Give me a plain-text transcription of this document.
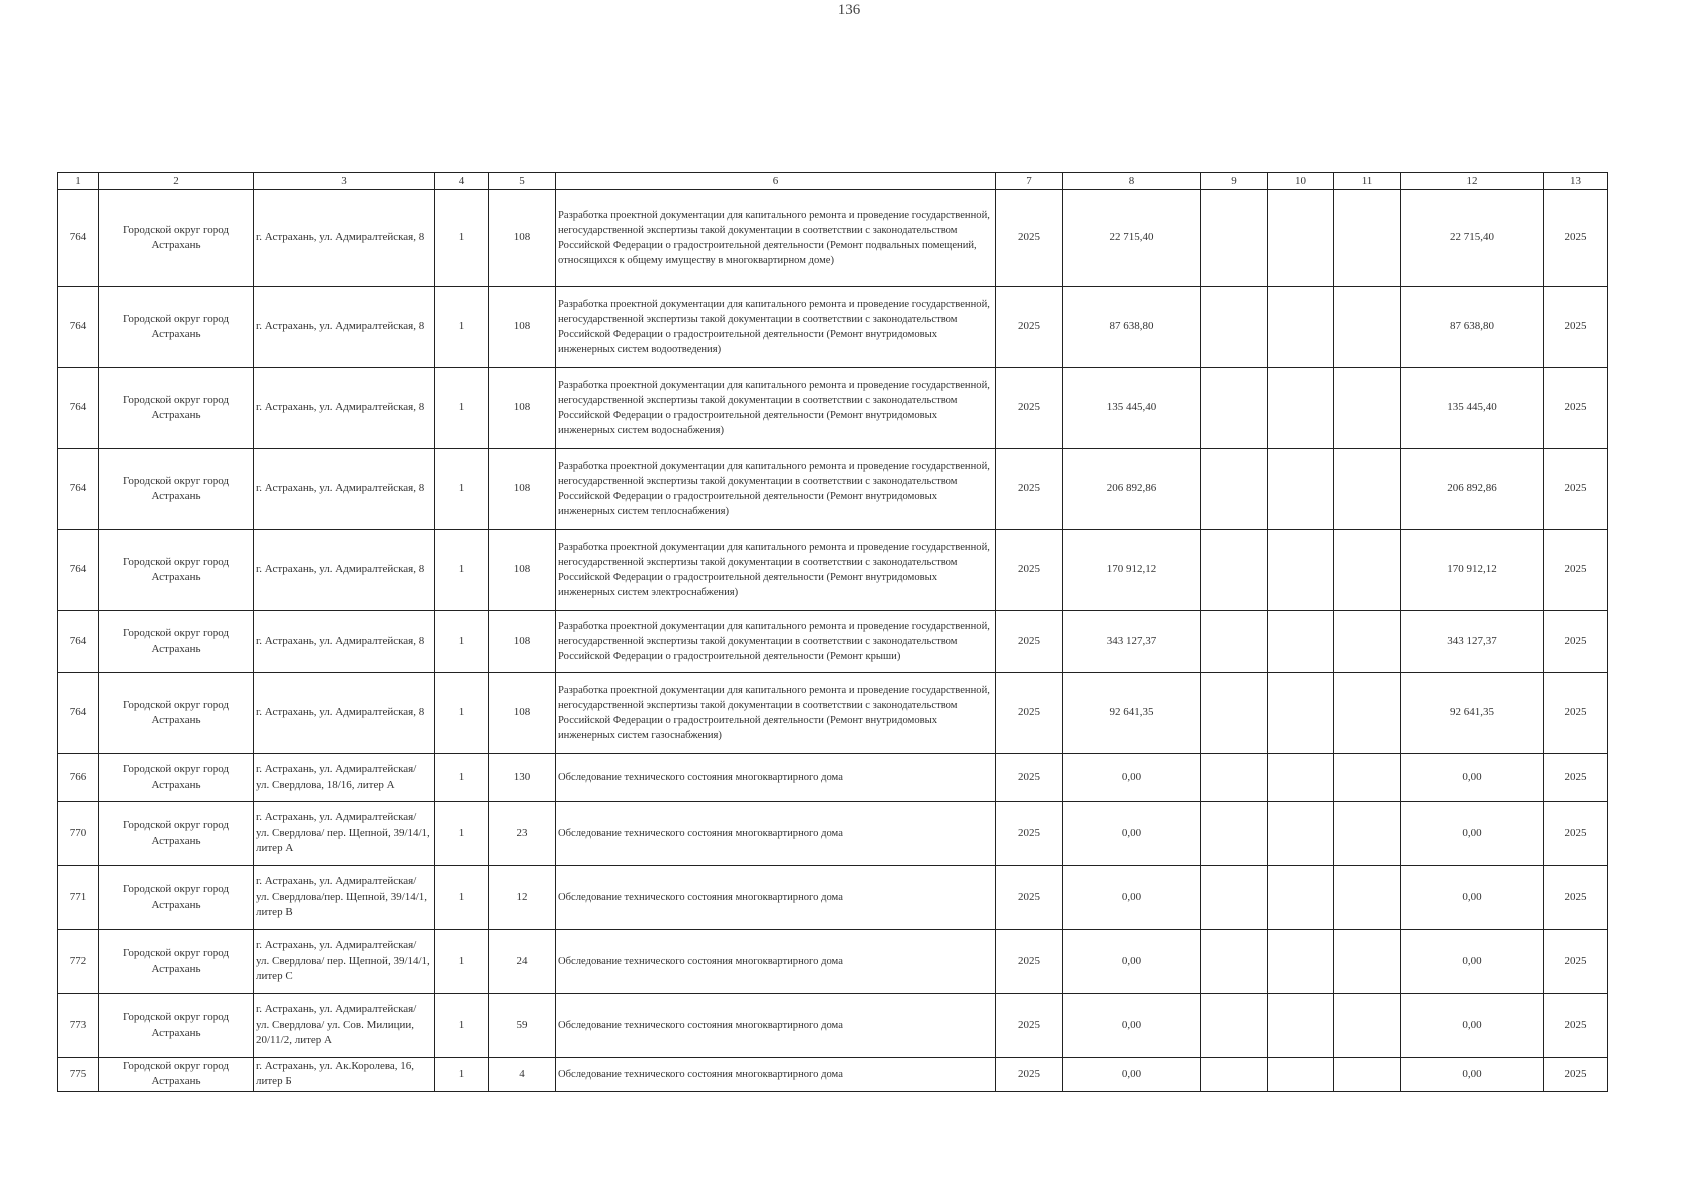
136
1	2	3	4	5	6	7	8	9	10	11	12	13
764	Городской округ город Астрахань	г. Астрахань, ул. Адмиралтейская, 8	1	108	Разработка проектной документации для капитального ремонта и проведение государственной, негосударственной экспертизы такой документации в соответствии с законодательством Российской Федерации о градостроительной деятельности (Ремонт подвальных помещений, относящихся к общему имуществу в многоквартирном доме)	2025	22 715,40				22 715,40	2025
764	Городской округ город Астрахань	г. Астрахань, ул. Адмиралтейская, 8	1	108	Разработка проектной документации для капитального ремонта и проведение государственной, негосударственной экспертизы такой документации в соответствии с законодательством Российской Федерации о градостроительной деятельности (Ремонт внутридомовых инженерных систем водоотведения)	2025	87 638,80				87 638,80	2025
764	Городской округ город Астрахань	г. Астрахань, ул. Адмиралтейская, 8	1	108	Разработка проектной документации для капитального ремонта и проведение государственной, негосударственной экспертизы такой документации в соответствии с законодательством Российской Федерации о градостроительной деятельности (Ремонт внутридомовых инженерных систем водоснабжения)	2025	135 445,40				135 445,40	2025
764	Городской округ город Астрахань	г. Астрахань, ул. Адмиралтейская, 8	1	108	Разработка проектной документации для капитального ремонта и проведение государственной, негосударственной экспертизы такой документации в соответствии с законодательством Российской Федерации о градостроительной деятельности (Ремонт внутридомовых инженерных систем теплоснабжения)	2025	206 892,86				206 892,86	2025
764	Городской округ город Астрахань	г. Астрахань, ул. Адмиралтейская, 8	1	108	Разработка проектной документации для капитального ремонта и проведение государственной, негосударственной экспертизы такой документации в соответствии с законодательством Российской Федерации о градостроительной деятельности (Ремонт внутридомовых инженерных систем электроснабжения)	2025	170 912,12				170 912,12	2025
764	Городской округ город Астрахань	г. Астрахань, ул. Адмиралтейская, 8	1	108	Разработка проектной документации для капитального ремонта и проведение государственной, негосударственной экспертизы такой документации в соответствии с законодательством Российской Федерации о градостроительной деятельности (Ремонт крыши)	2025	343 127,37				343 127,37	2025
764	Городской округ город Астрахань	г. Астрахань, ул. Адмиралтейская, 8	1	108	Разработка проектной документации для капитального ремонта и проведение государственной, негосударственной экспертизы такой документации в соответствии с законодательством Российской Федерации о градостроительной деятельности (Ремонт внутридомовых инженерных систем газоснабжения)	2025	92 641,35				92 641,35	2025
766	Городской округ город Астрахань	г. Астрахань, ул. Адмиралтейская/ ул. Свердлова, 18/16, литер А	1	130	Обследование технического состояния многоквартирного дома	2025	0,00				0,00	2025
770	Городской округ город Астрахань	г. Астрахань, ул. Адмиралтейская/ ул. Свердлова/ пер. Щепной, 39/14/1, литер А	1	23	Обследование технического состояния многоквартирного дома	2025	0,00				0,00	2025
771	Городской округ город Астрахань	г. Астрахань, ул. Адмиралтейская/ ул. Свердлова/пер. Щепной, 39/14/1, литер В	1	12	Обследование технического состояния многоквартирного дома	2025	0,00				0,00	2025
772	Городской округ город Астрахань	г. Астрахань, ул. Адмиралтейская/ ул. Свердлова/ пер. Щепной, 39/14/1, литер С	1	24	Обследование технического состояния многоквартирного дома	2025	0,00				0,00	2025
773	Городской округ город Астрахань	г. Астрахань, ул. Адмиралтейская/ ул. Свердлова/ ул. Сов. Милиции, 20/11/2, литер А	1	59	Обследование технического состояния многоквартирного дома	2025	0,00				0,00	2025
775	Городской округ город Астрахань	г. Астрахань, ул. Ак.Королева, 16, литер Б	1	4	Обследование технического состояния многоквартирного дома	2025	0,00				0,00	2025
